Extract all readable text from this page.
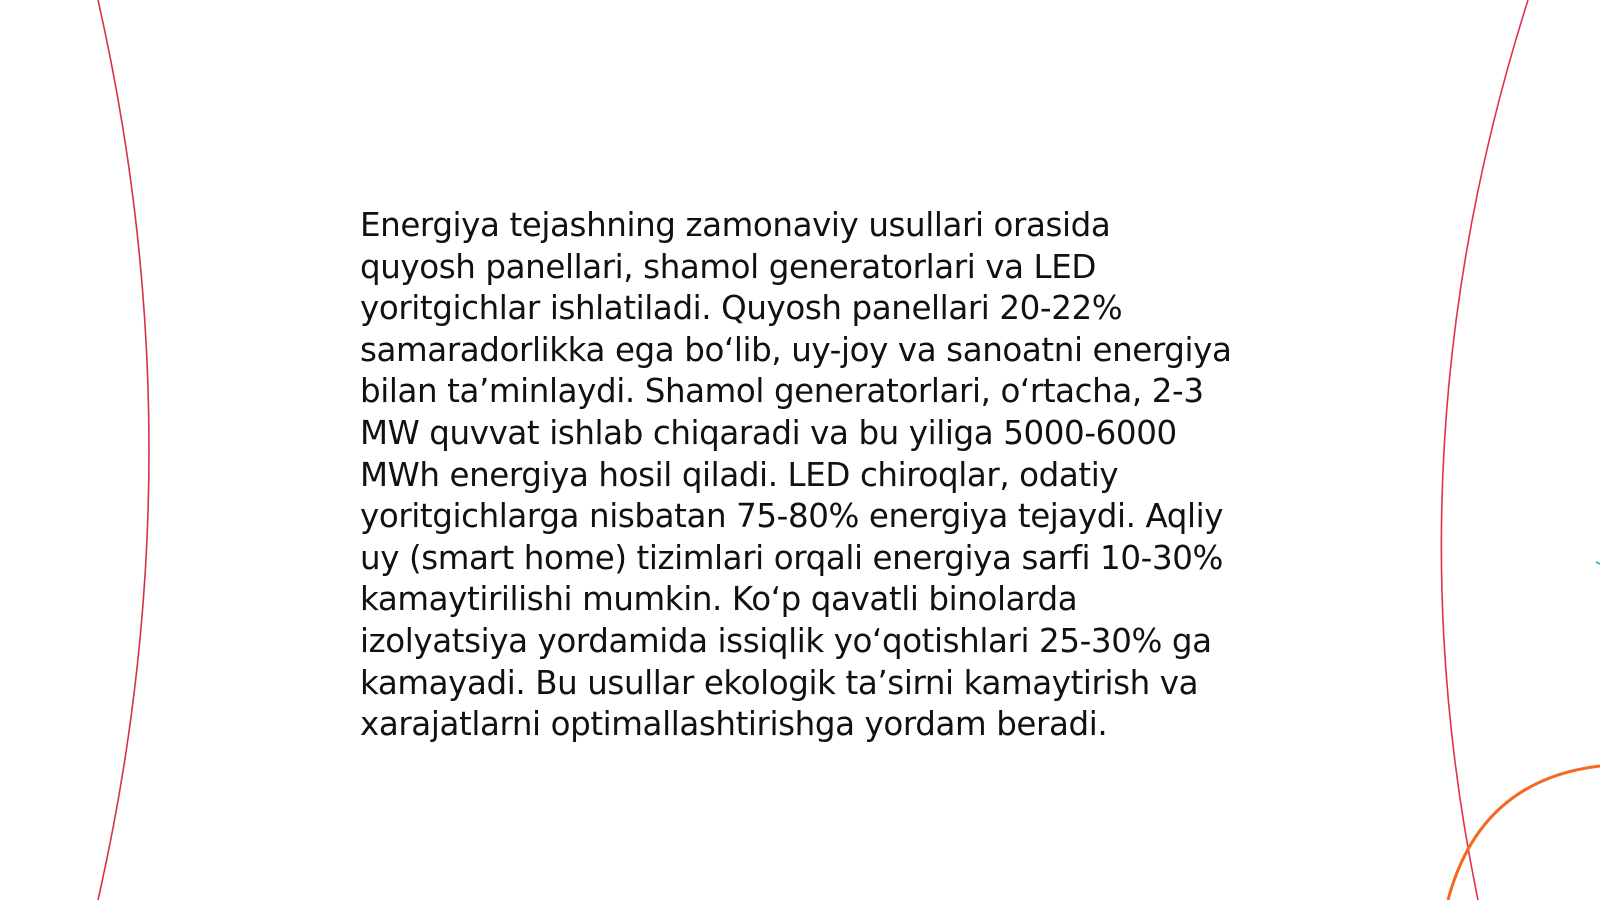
Energiya tejashning zamonaviy usullari orasida
quyosh panellari, shamol generatorlari va LED
yoritgichlar ishlatiladi. Quyosh panellari 20-22%
samaradorlikka ega bo‘lib, uy-joy va sanoatni energiya
bilan ta’minlaydi. Shamol generatorlari, o‘rtacha, 2-3
MW quvvat ishlab chiqaradi va bu yiliga 5000-6000
MWh energiya hosil qiladi. LED chiroqlar, odatiy
yoritgichlarga nisbatan 75-80% energiya tejaydi. Aqliy
uy (smart home) tizimlari orqali energiya sarfi 10-30%
kamaytirilishi mumkin. Ko‘p qavatli binolarda
izolyatsiya yordamida issiqlik yo‘qotishlari 25-30% ga
kamayadi. Bu usullar ekologik ta’sirni kamaytirish va
xarajatlarni optimallashtirishga yordam beradi.
